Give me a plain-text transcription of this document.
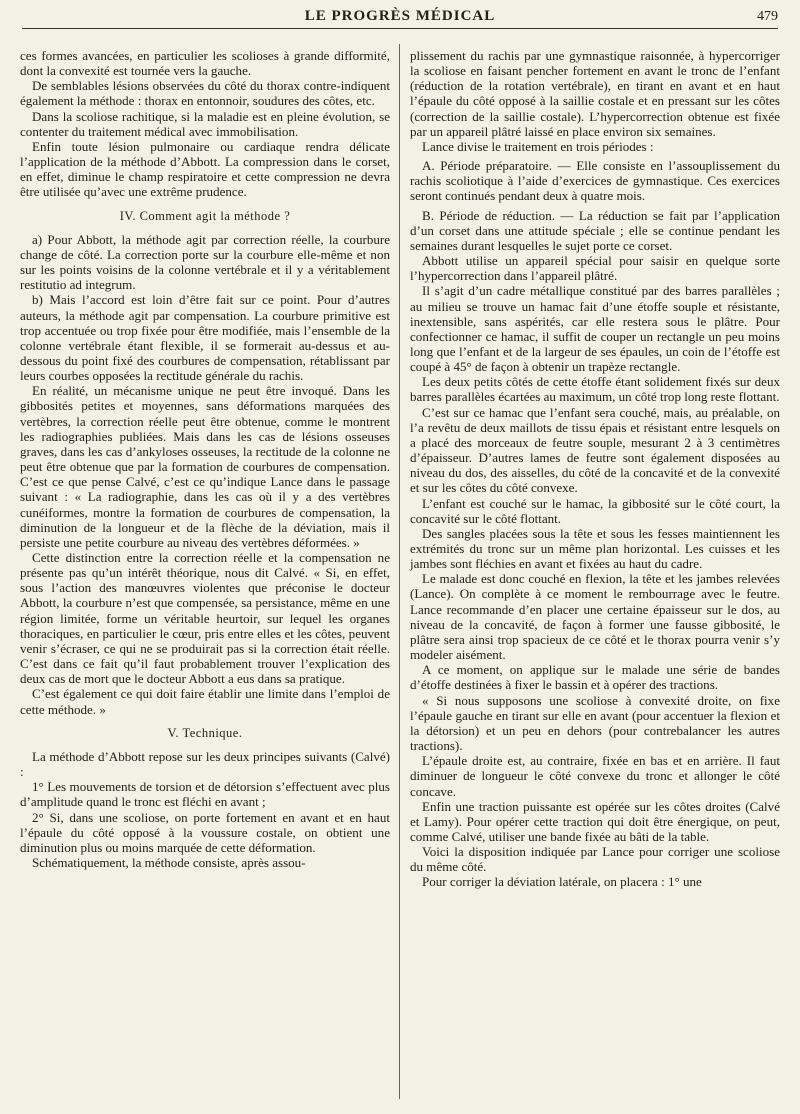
LE PROGRÈS MÉDICAL	479

ces formes avancées, en particulier les scolioses à grande difformité, dont la convexité est tournée vers la gauche.

De semblables lésions observées du côté du thorax contre-indiquent également la méthode : thorax en entonnoir, soudures des côtes, etc.

Dans la scoliose rachitique, si la maladie est en pleine évolution, se contenter du traitement médical avec immobilisation.

Enfin toute lésion pulmonaire ou cardiaque rendra délicate l’application de la méthode d’Abbott. La compression dans le corset, en effet, diminue le champ respiratoire et cette compression ne devra être utilisée qu’avec une extrême prudence.

IV. Comment agit la méthode ?

a) Pour Abbott, la méthode agit par correction réelle, la courbure change de côté. La correction porte sur la courbure elle-même et non sur les points voisins de la colonne vertébrale et il y a véritablement restitutio ad integrum.

b) Mais l’accord est loin d’être fait sur ce point. Pour d’autres auteurs, la méthode agit par compensation. La courbure primitive est trop accentuée ou trop fixée pour être modifiée, mais l’ensemble de la colonne vertébrale étant flexible, il se formerait au-dessus et au-dessous du point fixé des courbures de compensation, rétablissant par leurs courbes opposées la rectitude générale du rachis.

En réalité, un mécanisme unique ne peut être invoqué. Dans les gibbosités petites et moyennes, sans déformations marquées des vertèbres, la correction réelle peut être obtenue, comme le montrent les radiographies publiées. Mais dans les cas de lésions osseuses graves, dans les cas d’ankyloses osseuses, la rectitude de la colonne ne peut être obtenue que par la formation de courbures de compensation. C’est ce que pense Calvé, c’est ce qu’indique Lance dans le passage suivant : « La radiographie, dans les cas où il y a des vertèbres cunéiformes, montre la formation de courbures de compensation, la diminution de la longueur et de la flèche de la déviation, mais il persiste une petite courbure au niveau des vertèbres déformées. »

Cette distinction entre la correction réelle et la compensation ne présente pas qu’un intérêt théorique, nous dit Calvé. « Si, en effet, sous l’action des manœuvres violentes que préconise le docteur Abbott, la courbure n’est que compensée, sa persistance, même en une région limitée, forme un véritable heurtoir, sur lequel les organes thoraciques, en particulier le cœur, pris entre elles et les côtes, peuvent venir s’écraser, ce qui ne se produirait pas si la correction était réelle. C’est dans ce fait qu’il faut probablement trouver l’explication des deux cas de mort que le docteur Abbott a eus dans sa pratique.

C’est également ce qui doit faire établir une limite dans l’emploi de cette méthode. »

V. Technique.

La méthode d’Abbott repose sur les deux principes suivants (Calvé) :

1° Les mouvements de torsion et de détorsion s’effectuent avec plus d’amplitude quand le tronc est fléchi en avant ;

2° Si, dans une scoliose, on porte fortement en avant et en haut l’épaule du côté opposé à la voussure costale, on obtient une diminution plus ou moins marquée de cette déformation.

Schématiquement, la méthode consiste, après assou-

plissement du rachis par une gymnastique raisonnée, à hypercorriger la scoliose en faisant pencher fortement en avant le tronc de l’enfant (réduction de la rotation vertébrale), en tirant en avant et en haut l’épaule du côté opposé à la saillie costale et en pressant sur les côtes (correction de la saillie costale). L’hypercorrection obtenue est fixée par un appareil plâtré laissé en place environ six semaines.

Lance divise le traitement en trois périodes :

A. Période préparatoire. — Elle consiste en l’assouplissement du rachis scoliotique à l’aide d’exercices de gymnastique. Ces exercices seront continués pendant deux à quatre mois.

B. Période de réduction. — La réduction se fait par l’application d’un corset dans une attitude spéciale ; elle se continue pendant les semaines durant lesquelles le sujet porte ce corset.

Abbott utilise un appareil spécial pour saisir en quelque sorte l’hypercorrection dans l’appareil plâtré.

Il s’agit d’un cadre métallique constitué par des barres parallèles ; au milieu se trouve un hamac fait d’une étoffe souple et résistante, inextensible, sans aspérités, car elle restera sous le plâtre. Pour confectionner ce hamac, il suffit de couper un rectangle un peu moins long que l’enfant et de la largeur de ses épaules, un coin de l’étoffe est coupé à 45° de façon à obtenir un trapèze rectangle.

Les deux petits côtés de cette étoffe étant solidement fixés sur deux barres parallèles écartées au maximum, un côté trop long reste flottant.

C’est sur ce hamac que l’enfant sera couché, mais, au préalable, on l’a revêtu de deux maillots de tissu épais et résistant entre lesquels on a placé des morceaux de feutre souple, mesurant 2 à 3 centimètres d’épaisseur. D’autres lames de feutre sont également disposées au niveau du dos, des aisselles, du côté de la concavité et de la convexité et sur les côtes du côté convexe.

L’enfant est couché sur le hamac, la gibbosité sur le côté court, la concavité sur le côté flottant.

Des sangles placées sous la tête et sous les fesses maintiennent les extrémités du tronc sur un même plan horizontal. Les cuisses et les jambes sont fléchies en avant et fixées au haut du cadre.

Le malade est donc couché en flexion, la tête et les jambes relevées (Lance). On complète à ce moment le rembourrage avec le feutre. Lance recommande d’en placer une certaine épaisseur sur le dos, au niveau de la concavité, de façon à former une fausse gibbosité, le plâtre sera ainsi trop spacieux de ce côté et le thorax pourra venir s’y modeler aisément.

A ce moment, on applique sur le malade une série de bandes d’étoffe destinées à fixer le bassin et à opérer des tractions.

« Si nous supposons une scoliose à convexité droite, on fixe l’épaule gauche en tirant sur elle en avant (pour accentuer la flexion et la détorsion) et un peu en dehors (pour contrebalancer les autres tractions).

L’épaule droite est, au contraire, fixée en bas et en arrière. Il faut diminuer de longueur le côté convexe du tronc et allonger le côté concave.

Enfin une traction puissante est opérée sur les côtes droites (Calvé et Lamy). Pour opérer cette traction qui doit être énergique, on peut, comme Calvé, utiliser une bande fixée au bâti de la table.

Voici la disposition indiquée par Lance pour corriger une scoliose du même côté.

Pour corriger la déviation latérale, on placera : 1° une
